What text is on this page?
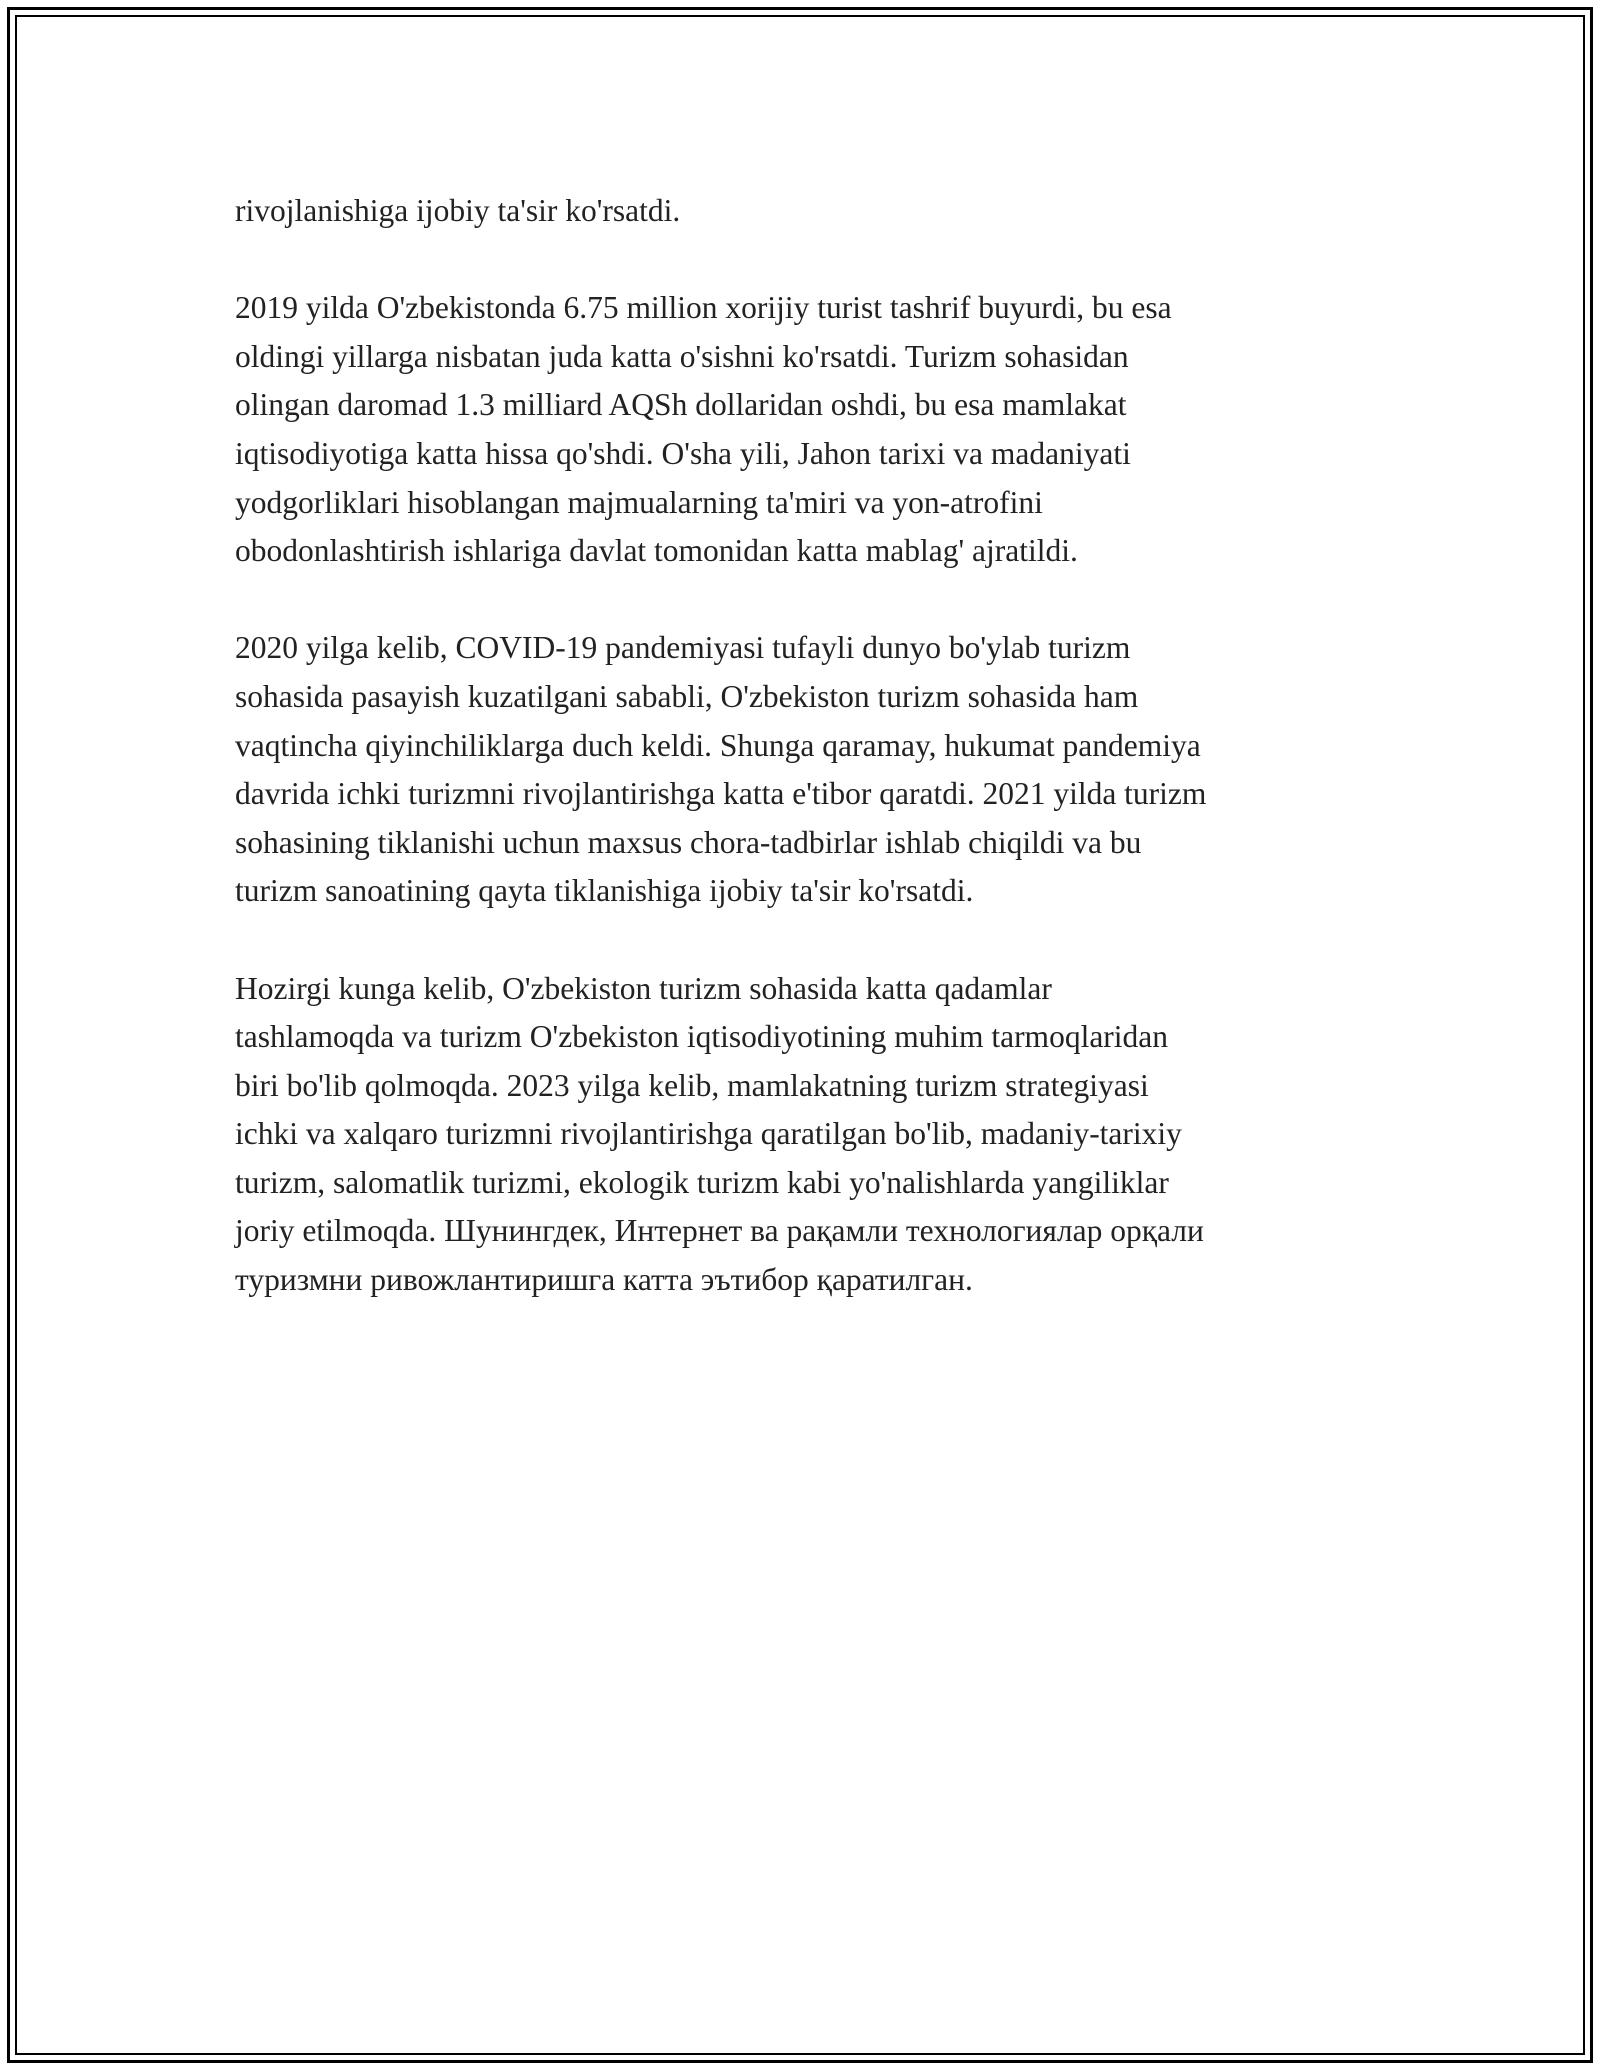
rivojlanishiga ijobiy ta'sir ko'rsatdi.

2019 yilda O'zbekistonda 6.75 million xorijiy turist tashrif buyurdi, bu esa
oldingi yillarga nisbatan juda katta o'sishni ko'rsatdi. Turizm sohasidan
olingan daromad 1.3 milliard AQSh dollaridan oshdi, bu esa mamlakat
iqtisodiyotiga katta hissa qo'shdi. O'sha yili, Jahon tarixi va madaniyati
yodgorliklari hisoblangan majmualarning ta'miri va yon-atrofini
obodonlashtirish ishlariga davlat tomonidan katta mablag' ajratildi.

2020 yilga kelib, COVID-19 pandemiyasi tufayli dunyo bo'ylab turizm
sohasida pasayish kuzatilgani sababli, O'zbekiston turizm sohasida ham
vaqtincha qiyinchiliklarga duch keldi. Shunga qaramay, hukumat pandemiya
davrida ichki turizmni rivojlantirishga katta e'tibor qaratdi. 2021 yilda turizm
sohasining tiklanishi uchun maxsus chora-tadbirlar ishlab chiqildi va bu
turizm sanoatining qayta tiklanishiga ijobiy ta'sir ko'rsatdi.

Hozirgi kunga kelib, O'zbekiston turizm sohasida katta qadamlar
tashlamoqda va turizm O'zbekiston iqtisodiyotining muhim tarmoqlaridan
biri bo'lib qolmoqda. 2023 yilga kelib, mamlakatning turizm strategiyasi
ichki va xalqaro turizmni rivojlantirishga qaratilgan bo'lib, madaniy-tarixiy
turizm, salomatlik turizmi, ekologik turizm kabi yo'nalishlarda yangiliklar
joriy etilmoqda. Шунингдек, Интернет ва рақамли технологиялар орқали
туризмни ривожлантиришга катта эътибор қаратилган.
